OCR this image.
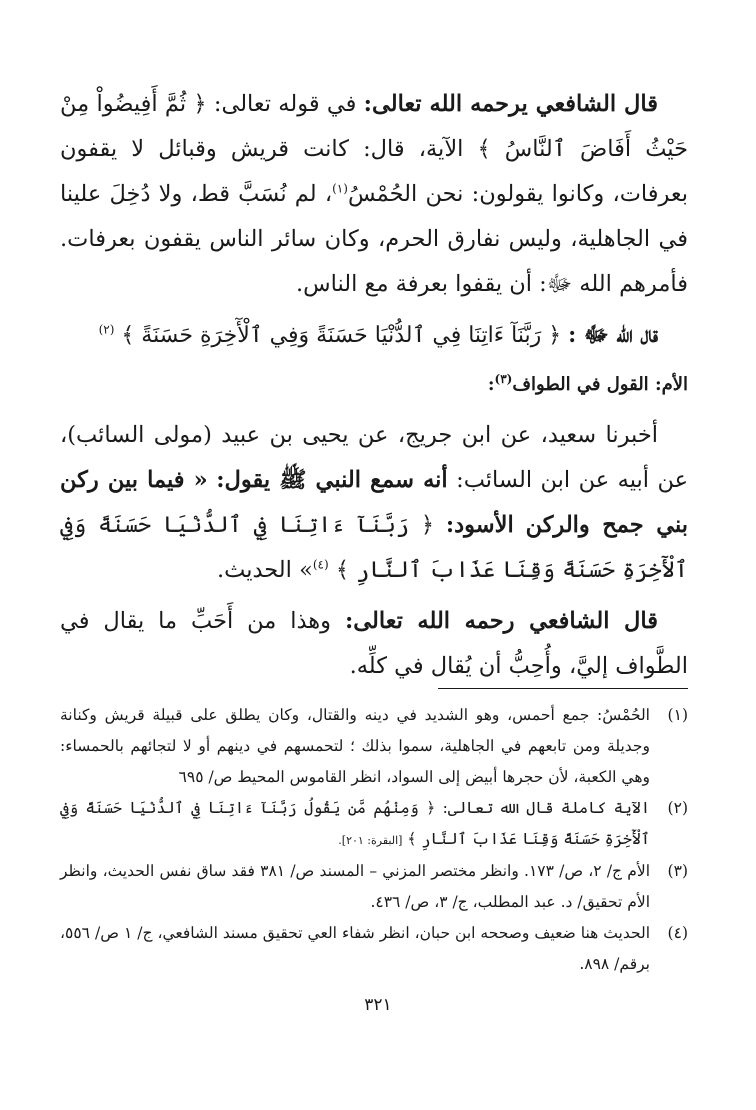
قال الشافعي يرحمه الله تعالى: في قوله تعالى: ﴿ ثُمَّ أَفِيضُواْ مِنْ حَيْثُ أَفَاضَ ٱلنَّاسُ ﴾ الآية، قال: كانت قريش وقبائل لا يقفون بعرفات، وكانوا يقولون: نحن الحُمْسُ$^{(١)}$، لم نُسَبَّ قط، ولا دُخِلَ علينا في الجاهلية، وليس نفارق الحرم، وكان سائر الناس يقفون بعرفات. فأمرهم الله ﷻ: أن يقفوا بعرفة مع الناس.

قال الله ﷻ : ﴿ رَبَّنَآ ءَاتِنَا فِي ٱلدُّنْيَا حَسَنَةً وَفِي ٱلْأٓخِرَةِ حَسَنَةً ﴾ $^{(٢)}$

الأم: القول في الطواف$^{(٣)}$:

أخبرنا سعيد، عن ابن جريج، عن يحيى بن عبيد (مولى السائب)، عن أبيه عن ابن السائب: أنه سمع النبي ﷺ يقول: « فيما بين ركن بني جمح والركن الأسود: ﴿ رَبَّنَآ ءَاتِنَا فِي ٱلدُّنْيَا حَسَنَةً وَفِي ٱلْأٓخِرَةِ حَسَنَةً وَقِنَا عَذَابَ ٱلنَّارِ ﴾ $^{(٤)}$» الحديث.

قال الشافعي رحمه الله تعالى: وهذا من أَحَبِّ ما يقال في الطَّواف إليَّ، وأُحِبُّ أن يُقال في كلِّه.

(١)
الحُمْسُ: جمع أحمس، وهو الشديد في دينه والقتال، وكان يطلق على قبيلة قريش وكنانة وجديلة ومن تابعهم في الجاهلية، سموا بذلك ؛ لتحمسهم في دينهم أو لا لتجائهم بالحمساء: وهي الكعبة، لأن حجرها أبيض إلى السواد، انظر القاموس المحيط ص/ ٦٩٥
(٢)
الآية كاملة قال الله تعالى: ﴿ وَمِنْهُم مَّن يَقُولُ رَبَّنَآ ءَاتِنَا فِي ٱلدُّنْيَا حَسَنَةً وَفِي ٱلْأٓخِرَةِ حَسَنَةً وَقِنَا عَذَابَ ٱلنَّارِ ﴾ [البقرة: ٢٠١].
(٣)
الأم ج/ ٢، ص/ ١٧٣. وانظر مختصر المزني – المسند ص/ ٣٨١ فقد ساق نفس الحديث، وانظر الأم تحقيق/ د. عبد المطلب، ج/ ٣، ص/ ٤٣٦.
(٤)
الحديث هنا ضعيف وصححه ابن حبان، انظر شفاء العي تحقيق مسند الشافعي، ج/ ١ ص/ ٥٥٦، برقم/ ٨٩٨.
٣٢١
